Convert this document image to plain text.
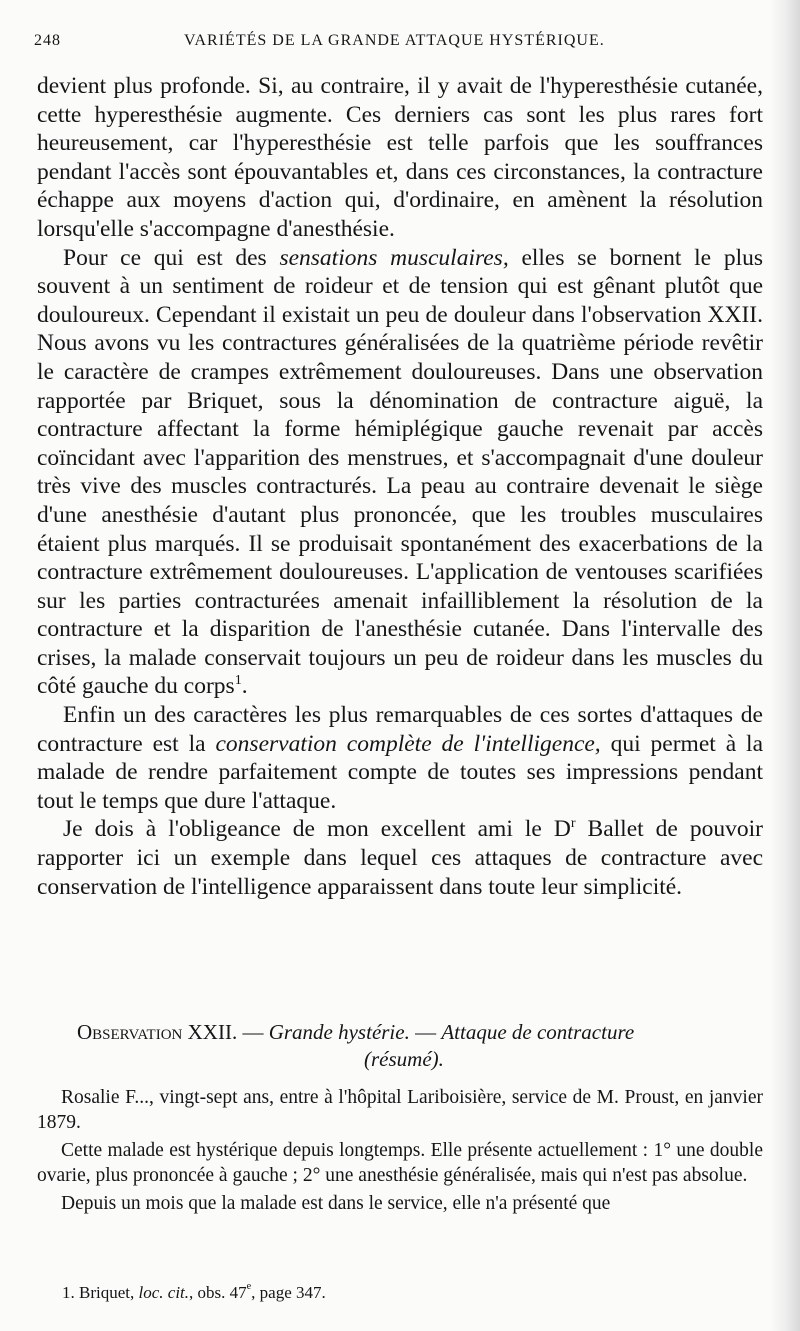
248	VARIÉTÉS DE LA GRANDE ATTAQUE HYSTÉRIQUE.

devient plus profonde. Si, au contraire, il y avait de l'hyperesthésie cutanée, cette hyperesthésie augmente. Ces derniers cas sont les plus rares fort heureusement, car l'hyperesthésie est telle parfois que les souffrances pendant l'accès sont épouvantables et, dans ces circonstances, la contracture échappe aux moyens d'action qui, d'ordinaire, en amènent la résolution lorsqu'elle s'accompagne d'anesthésie.

Pour ce qui est des sensations musculaires, elles se bornent le plus souvent à un sentiment de roideur et de tension qui est gênant plutôt que douloureux. Cependant il existait un peu de douleur dans l'observation XXII. Nous avons vu les contractures généralisées de la quatrième période revêtir le caractère de crampes extrêmement douloureuses. Dans une observation rapportée par Briquet, sous la dénomination de contracture aiguë, la contracture affectant la forme hémiplégique gauche revenait par accès coïncidant avec l'apparition des menstrues, et s'accompagnait d'une douleur très vive des muscles contracturés. La peau au contraire devenait le siège d'une anesthésie d'autant plus prononcée, que les troubles musculaires étaient plus marqués. Il se produisait spontanément des exacerbations de la contracture extrêmement douloureuses. L'application de ventouses scarifiées sur les parties contracturées amenait infailliblement la résolution de la contracture et la disparition de l'anesthésie cutanée. Dans l'intervalle des crises, la malade conservait toujours un peu de roideur dans les muscles du côté gauche du corps$^1$.

Enfin un des caractères les plus remarquables de ces sortes d'attaques de contracture est la conservation complète de l'intelligence, qui permet à la malade de rendre parfaitement compte de toutes ses impressions pendant tout le temps que dure l'attaque.

Je dois à l'obligeance de mon excellent ami le $D^r$ Ballet de pouvoir rapporter ici un exemple dans lequel ces attaques de contracture avec conservation de l'intelligence apparaissent dans toute leur simplicité.

Observation XXII. — Grande hystérie. — Attaque de contracture
(résumé).

Rosalie F..., vingt-sept ans, entre à l'hôpital Lariboisière, service de M. Proust, en janvier 1879.

Cette malade est hystérique depuis longtemps. Elle présente actuellement : 1° une double ovarie, plus prononcée à gauche ; 2° une anesthésie généralisée, mais qui n'est pas absolue.

Depuis un mois que la malade est dans le service, elle n'a présenté que

1. Briquet, loc. cit., obs. 47e, page 347.
